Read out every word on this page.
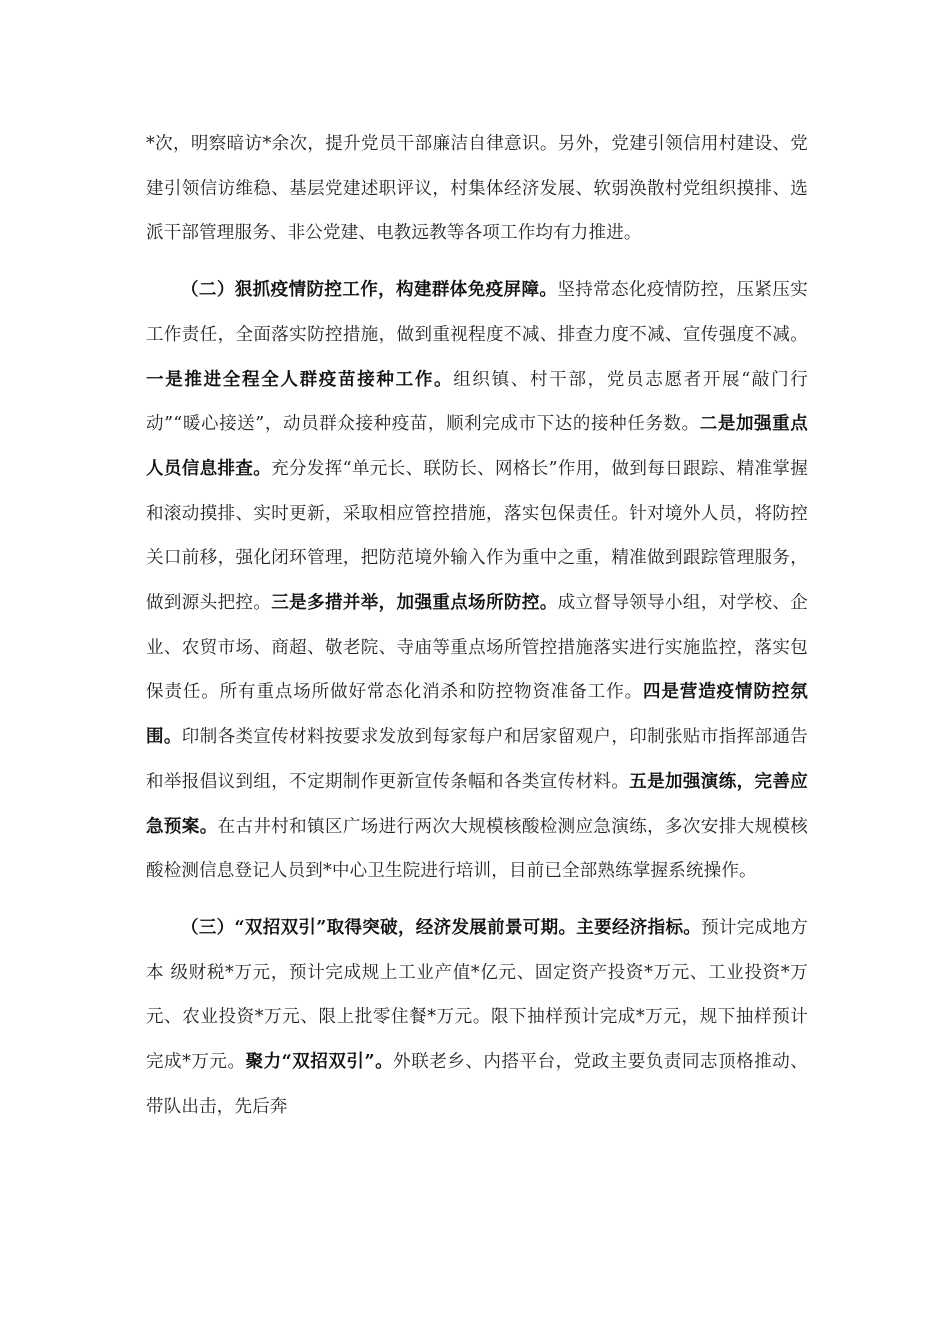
*次，明察暗访*余次，提升党员干部廉洁自律意识。另外，党建引领信用村建设、党建引领信访维稳、基层党建述职评议，村集体经济发展、软弱涣散村党组织摸排、选派干部管理服务、非公党建、电教远教等各项工作均有力推进。

（二）狠抓疫情防控工作，构建群体免疫屏障。坚持常态化疫情防控，压紧压实工作责任，全面落实防控措施，做到重视程度不减、排查力度不减、宣传强度不减。一是推进全程全人群疫苗接种工作。组织镇、村干部，党员志愿者开展“敲门行动”“暖心接送”，动员群众接种疫苗，顺利完成市下达的接种任务数。二是加强重点人员信息排查。充分发挥“单元长、联防长、网格长”作用，做到每日跟踪、精准掌握和滚动摸排、实时更新，采取相应管控措施，落实包保责任。针对境外人员，将防控关口前移，强化闭环管理，把防范境外输入作为重中之重，精准做到跟踪管理服务，做到源头把控。三是多措并举，加强重点场所防控。成立督导领导小组，对学校、企业、农贸市场、商超、敬老院、寺庙等重点场所管控措施落实进行实施监控，落实包保责任。所有重点场所做好常态化消杀和防控物资准备工作。四是营造疫情防控氛围。印制各类宣传材料按要求发放到每家每户和居家留观户，印制张贴市指挥部通告和举报倡议到组，不定期制作更新宣传条幅和各类宣传材料。五是加强演练，完善应急预案。在古井村和镇区广场进行两次大规模核酸检测应急演练，多次安排大规模核酸检测信息登记人员到*中心卫生院进行培训，目前已全部熟练掌握系统操作。

（三）“双招双引”取得突破，经济发展前景可期。主要经济指标。预计完成地方本 级财税*万元，预计完成规上工业产值*亿元、固定资产投资*万元、工业投资*万元、农业投资*万元、限上批零住餐*万元。限下抽样预计完成*万元，规下抽样预计完成*万元。聚力“双招双引”。外联老乡、内搭平台，党政主要负责同志顶格推动、带队出击，先后奔
